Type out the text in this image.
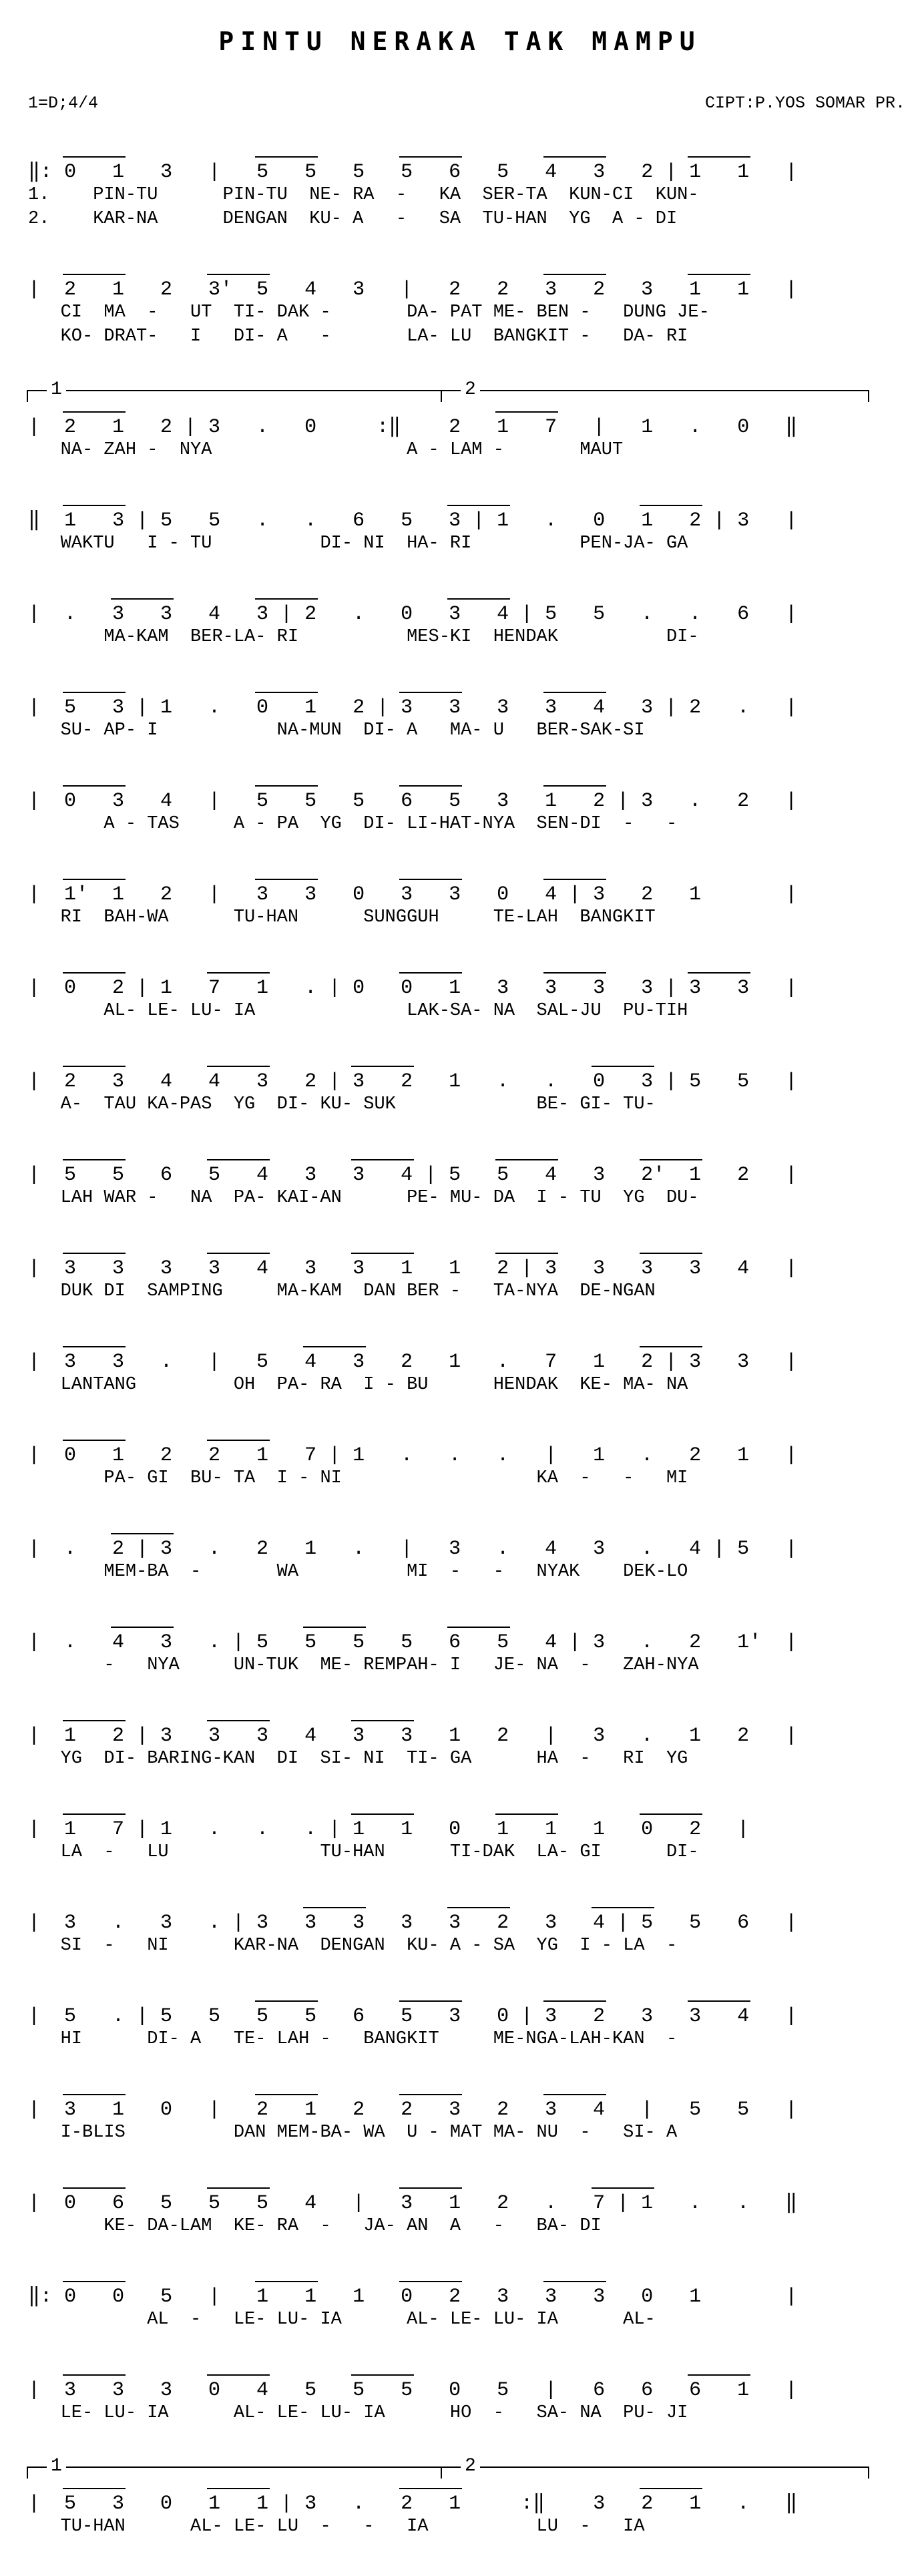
PINTU NERAKA TAK MAMPU
1=D;4/4	CIPT:P.YOS SOMAR PR.
‖: 0   1   3   |   5   5   5   5   6   5   4   3   2 | 1   1   |
1.    PIN-TU      PIN-TU  NE- RA  -   KA  SER-TA  KUN-CI  KUN-
2.    KAR-NA      DENGAN  KU- A   -   SA  TU-HAN  YG  A - DI
|  2   1   2   3'  5   4   3   |   2   2   3   2   3   1   1   |
CI  MA  -   UT  TI- DAK -       DA- PAT ME- BEN -   DUNG JE-
KO- DRAT-   I   DI- A   -       LA- LU  BANGKIT -   DA- RI
1	2
|  2   1   2 | 3   .   0     :‖    2   1   7   |   1   .   0   ‖
NA- ZAH -  NYA                  A - LAM -       MAUT
‖  1   3 | 5   5   .   .   6   5   3 | 1   .   0   1   2 | 3   |
WAKTU   I - TU          DI- NI  HA- RI          PEN-JA- GA
|  .   3   3   4   3 | 2   .   0   3   4 | 5   5   .   .   6   |
MA-KAM  BER-LA- RI          MES-KI  HENDAK          DI-
|  5   3 | 1   .   0   1   2 | 3   3   3   3   4   3 | 2   .   |
SU- AP- I           NA-MUN  DI- A   MA- U   BER-SAK-SI
|  0   3   4   |   5   5   5   6   5   3   1   2 | 3   .   2   |
A - TAS     A - PA  YG  DI- LI-HAT-NYA  SEN-DI  -   -
|  1'  1   2   |   3   3   0   3   3   0   4 | 3   2   1       |
RI  BAH-WA      TU-HAN      SUNGGUH     TE-LAH  BANGKIT
|  0   2 | 1   7   1   . | 0   0   1   3   3   3   3 | 3   3   |
AL- LE- LU- IA              LAK-SA- NA  SAL-JU  PU-TIH
|  2   3   4   4   3   2 | 3   2   1   .   .   0   3 | 5   5   |
A-  TAU KA-PAS  YG  DI- KU- SUK             BE- GI- TU-
|  5   5   6   5   4   3   3   4 | 5   5   4   3   2'  1   2   |
LAH WAR -   NA  PA- KAI-AN      PE- MU- DA  I - TU  YG  DU-
|  3   3   3   3   4   3   3   1   1   2 | 3   3   3   3   4   |
DUK DI  SAMPING     MA-KAM  DAN BER -   TA-NYA  DE-NGAN
|  3   3   .   |   5   4   3   2   1   .   7   1   2 | 3   3   |
LANTANG         OH  PA- RA  I - BU      HENDAK  KE- MA- NA
|  0   1   2   2   1   7 | 1   .   .   .   |   1   .   2   1   |
PA- GI  BU- TA  I - NI                  KA  -   -   MI
|  .   2 | 3   .   2   1   .   |   3   .   4   3   .   4 | 5   |
MEM-BA  -       WA          MI  -   -   NYAK    DEK-LO
|  .   4   3   . | 5   5   5   5   6   5   4 | 3   .   2   1'  |
-   NYA     UN-TUK  ME- REMPAH- I   JE- NA  -   ZAH-NYA
|  1   2 | 3   3   3   4   3   3   1   2   |   3   .   1   2   |
YG  DI- BARING-KAN  DI  SI- NI  TI- GA      HA  -   RI  YG
|  1   7 | 1   .   .   . | 1   1   0   1   1   1   0   2   |
LA  -   LU              TU-HAN      TI-DAK  LA- GI      DI-
|  3   .   3   . | 3   3   3   3   3   2   3   4 | 5   5   6   |
SI  -   NI      KAR-NA  DENGAN  KU- A - SA  YG  I - LA  -
|  5   . | 5   5   5   5   6   5   3   0 | 3   2   3   3   4   |
HI      DI- A   TE- LAH -   BANGKIT     ME-NGA-LAH-KAN  -
|  3   1   0   |   2   1   2   2   3   2   3   4   |   5   5   |
I-BLIS          DAN MEM-BA- WA  U - MAT MA- NU  -   SI- A
|  0   6   5   5   5   4   |   3   1   2   .   7 | 1   .   .   ‖
KE- DA-LAM  KE- RA  -   JA- AN  A   -   BA- DI
‖: 0   0   5   |   1   1   1   0   2   3   3   3   0   1       |
AL  -   LE- LU- IA      AL- LE- LU- IA      AL-
|  3   3   3   0   4   5   5   5   0   5   |   6   6   6   1   |
LE- LU- IA      AL- LE- LU- IA      HO  -   SA- NA  PU- JI
1	2
|  5   3   0   1   1 | 3   .   2   1     :‖    3   2   1   .   ‖
TU-HAN      AL- LE- LU  -   -   IA          LU  -   IA
